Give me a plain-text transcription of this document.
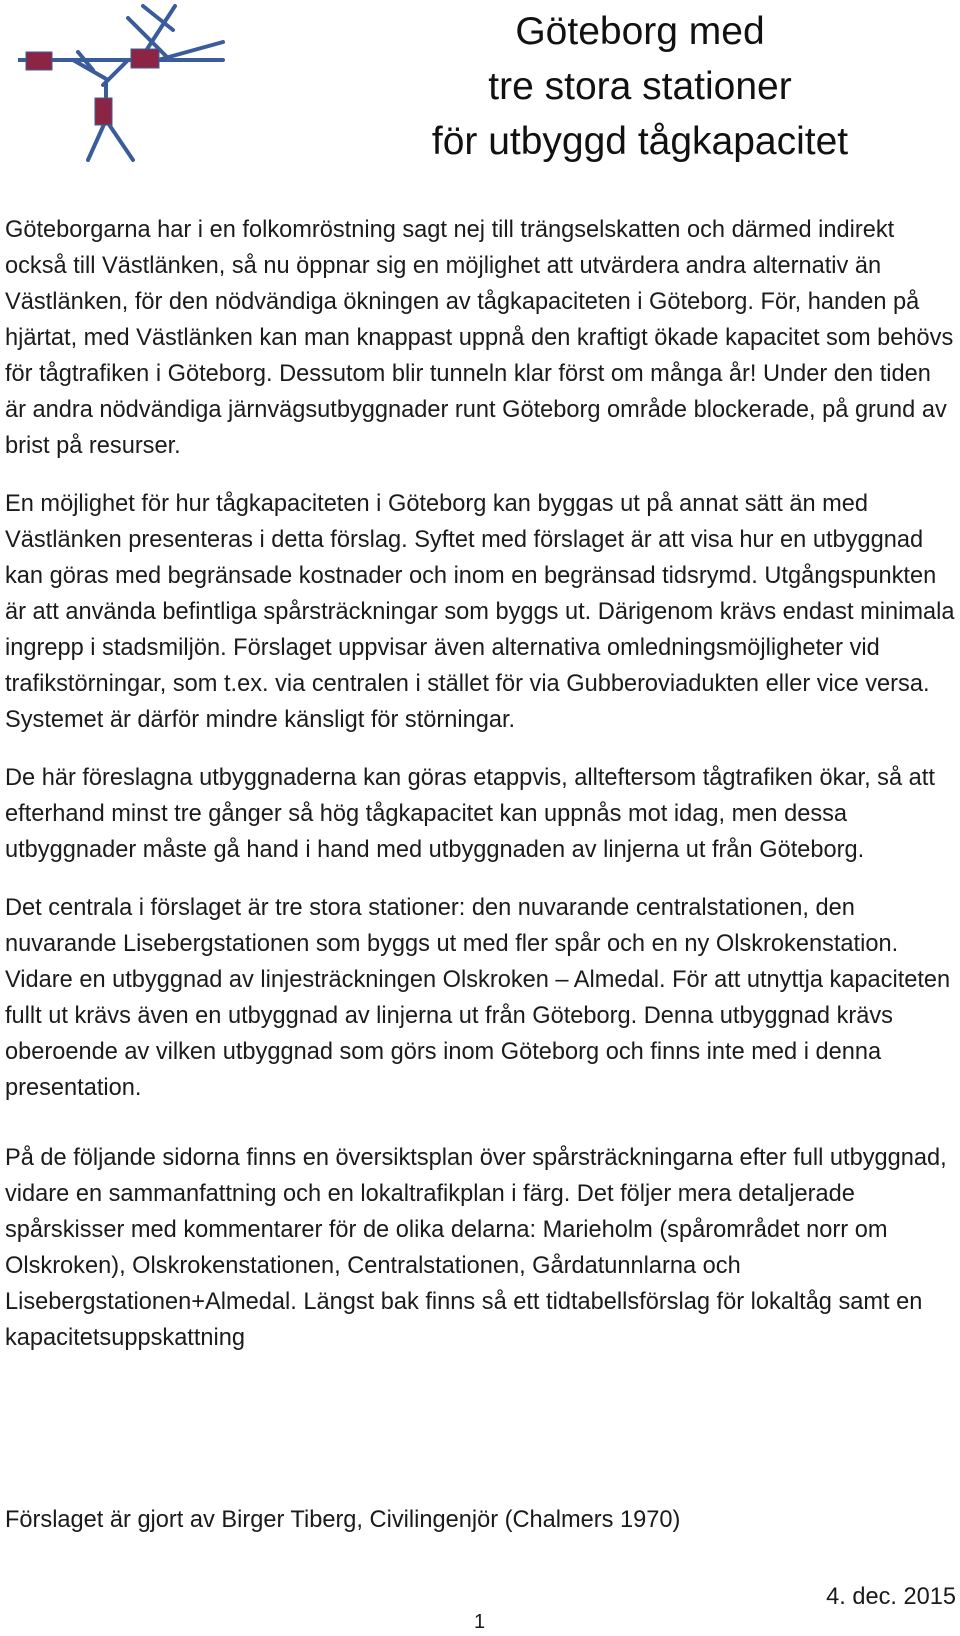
Göteborg med
tre stora stationer
för utbyggd tågkapacitet

Göteborgarna har i en folkomröstning sagt nej till trängselskatten och därmed indirekt också till Västlänken, så nu öppnar sig en möjlighet att utvärdera andra alternativ än Västlänken, för den nödvändiga ökningen av tågkapaciteten i Göteborg. För, handen på hjärtat, med Västlänken kan man knappast uppnå den kraftigt ökade kapacitet som behövs för tågtrafiken i Göteborg. Dessutom blir tunneln klar först om många år! Under den tiden är andra nödvändiga järnvägsutbyggnader runt Göteborg område blockerade, på grund av brist på resurser.

En möjlighet för hur tågkapaciteten i Göteborg kan byggas ut på annat sätt än med Västlänken presenteras i detta förslag. Syftet med förslaget är att visa hur en utbyggnad kan göras med begränsade kostnader och inom en begränsad tidsrymd. Utgångspunkten är att använda befintliga spårsträckningar som byggs ut. Därigenom krävs endast minimala ingrepp i stadsmiljön. Förslaget uppvisar även alternativa omledningsmöjligheter vid trafikstörningar, som t.ex. via centralen i stället för via Gubberoviadukten eller vice versa. Systemet är därför mindre känsligt för störningar.

De här föreslagna utbyggnaderna kan göras etappvis, allteftersom tågtrafiken ökar, så att efterhand minst tre gånger så hög tågkapacitet kan uppnås mot idag, men dessa utbyggnader måste gå hand i hand med utbyggnaden av linjerna ut från Göteborg.

Det centrala i förslaget är tre stora stationer: den nuvarande centralstationen, den nuvarande Lisebergstationen som byggs ut med fler spår och en ny Olskrokenstation. Vidare en utbyggnad av linjesträckningen Olskroken – Almedal. För att utnyttja kapaciteten fullt ut krävs även en utbyggnad av linjerna ut från Göteborg. Denna utbyggnad krävs oberoende av vilken utbyggnad som görs inom Göteborg och finns inte med i denna presentation.

På de följande sidorna finns en översiktsplan över spårsträckningarna efter full utbyggnad, vidare en sammanfattning och en lokaltrafikplan i färg. Det följer mera detaljerade spårskisser med kommentarer för de olika delarna: Marieholm (spårområdet norr om Olskroken), Olskrokenstationen, Centralstationen, Gårdatunnlarna och Lisebergstationen+Almedal. Längst bak finns så ett tidtabellsförslag för lokaltåg samt en kapacitetsuppskattning

Förslaget är gjort av Birger Tiberg, Civilingenjör (Chalmers 1970)
4. dec. 2015
1
